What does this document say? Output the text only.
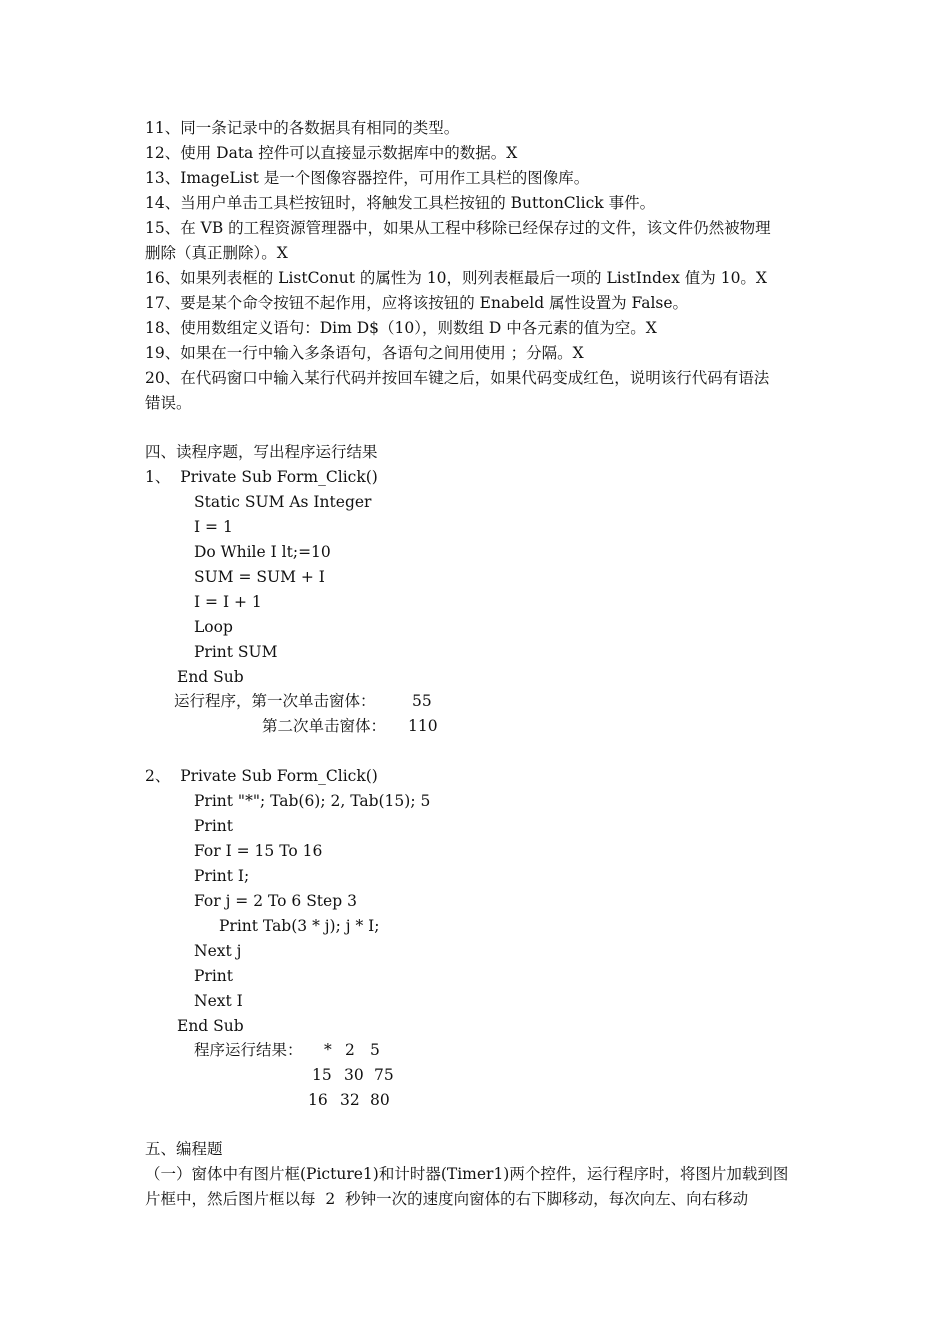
11、同一条记录中的各数据具有相同的类型。
12、使用 Data 控件可以直接显示数据库中的数据。X
13、ImageList 是一个图像容器控件，可用作工具栏的图像库。
14、当用户单击工具栏按钮时，将触发工具栏按钮的 ButtonClick 事件。
15、在 VB 的工程资源管理器中，如果从工程中移除已经保存过的文件，该文件仍然被物理
删除（真正删除）。X
16、如果列表框的 ListConut 的属性为 10，则列表框最后一项的 ListIndex 值为 10。X
17、要是某个命令按钮不起作用，应将该按钮的 Enabeld 属性设置为 False。
18、使用数组定义语句：Dim D$（10），则数组 D 中各元素的值为空。X
19、如果在一行中输入多条语句，各语句之间用使用 ；分隔。X
20、在代码窗口中输入某行代码并按回车键之后，如果代码变成红色，说明该行代码有语法
错误。
四、读程序题，写出程序运行结果
1、  Private Sub Form_Click()
Static SUM As Integer
I = 1
Do While I lt;=10
SUM = SUM + I
I = I + 1
Loop
Print SUM
End Sub
运行程序，第一次单击窗体： 55
第二次单击窗体： 110
2、  Private Sub Form_Click()
Print "*"; Tab(6); 2, Tab(15); 5
Print
For I = 15 To 16
Print I;
For j = 2 To 6 Step 3
Print Tab(3 * j); j * I;
Next j
Print
Next I
End Sub
程序运行结果： * 2 5
15 30 75
16 32 80
五、编程题
（一）窗体中有图片框(Picture1)和计时器(Timer1)两个控件，运行程序时，将图片加载到图
片框中，然后图片框以每  2  秒钟一次的速度向窗体的右下脚移动，每次向左、向右移动
